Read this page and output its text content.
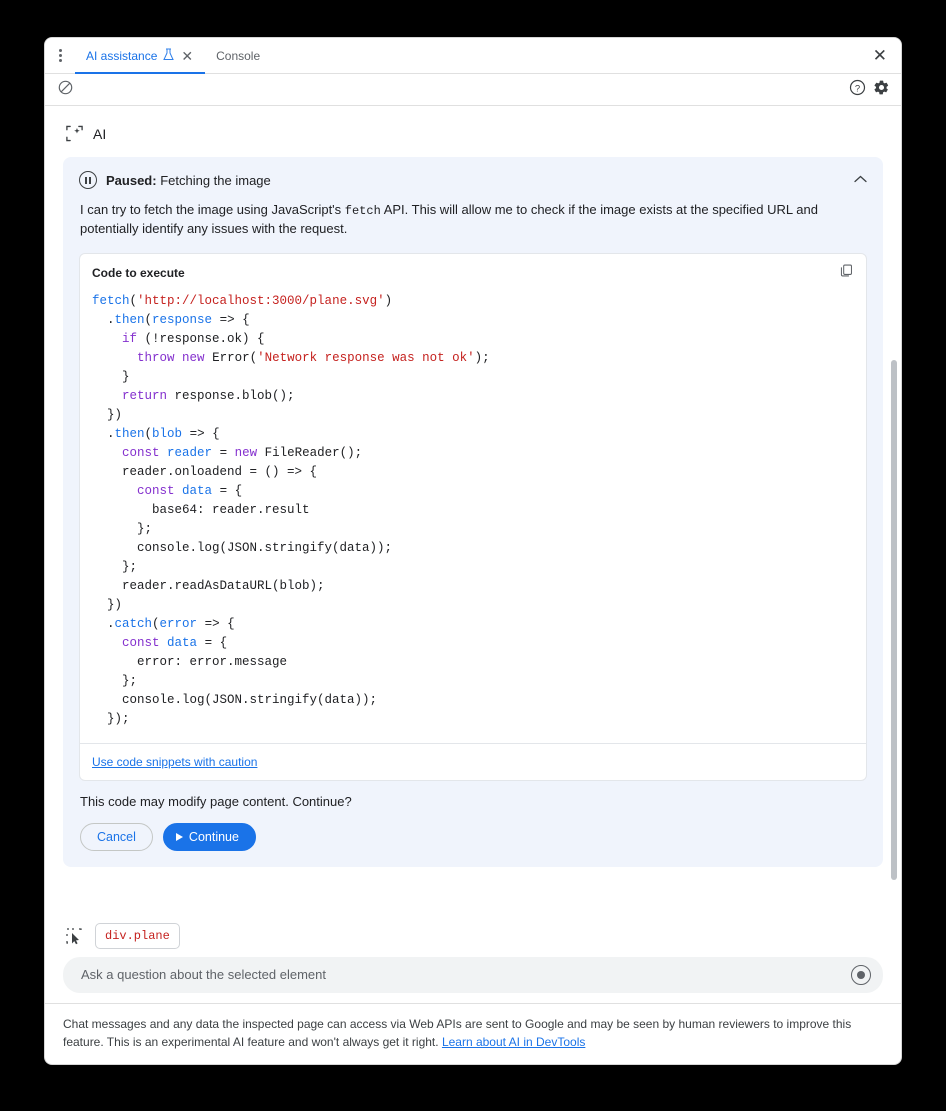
AI assistance ✕ Console	✕
?
AI
Paused: Fetching the image

I can try to fetch the image using JavaScript's fetch API. This will allow me to check if the image exists at the specified URL and potentially identify any issues with the request.

Code to execute
fetch('http://localhost:3000/plane.svg')
.then(response => {
if (!response.ok) {
throw new Error('Network response was not ok');
}
return response.blob();
})
.then(blob => {
const reader = new FileReader();
reader.onloadend = () => {
const data = {
base64: reader.result
};
console.log(JSON.stringify(data));
};
reader.readAsDataURL(blob);
})
.catch(error => {
const data = {
error: error.message
};
console.log(JSON.stringify(data));
});
Use code snippets with caution
This code may modify page content. Continue?
Cancel	Continue
div.plane
Ask a question about the selected element
Chat messages and any data the inspected page can access via Web APIs are sent to Google and may be seen by human reviewers to improve this feature. This is an experimental AI feature and won't always get it right. Learn about AI in DevTools
